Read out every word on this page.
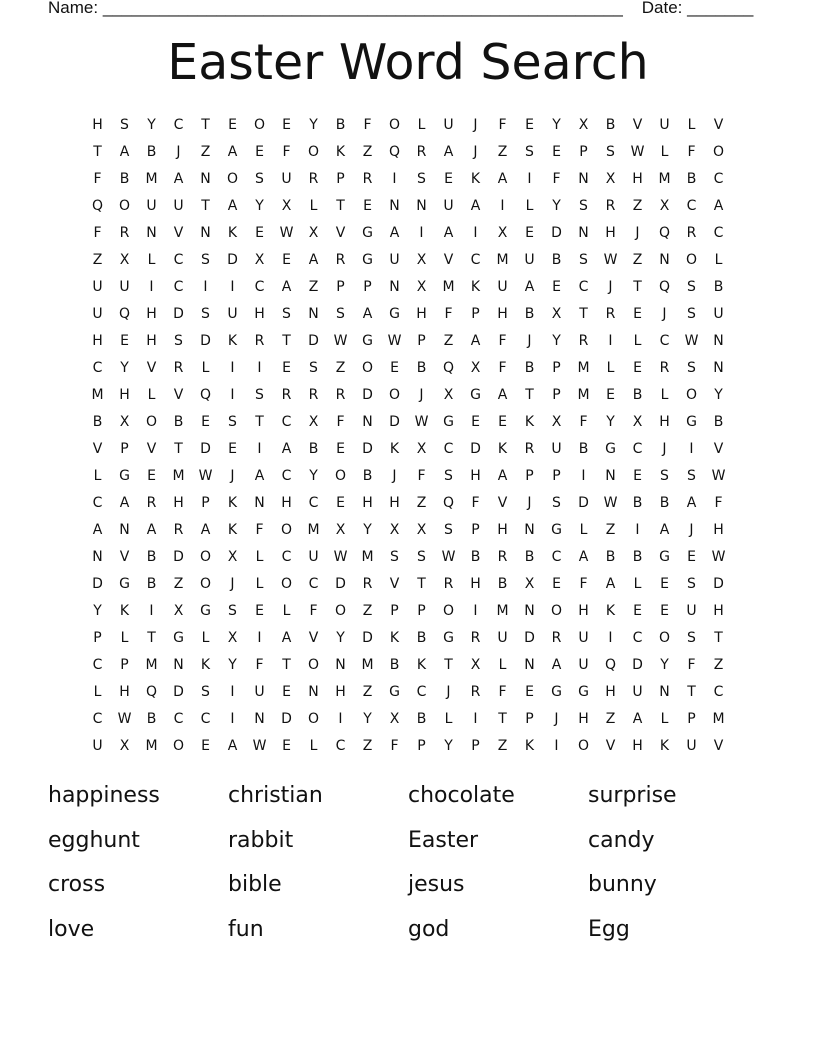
Name: _______________________________________________________ Date: _______
Easter Word Search
H	S	Y	C	T	E	O	E	Y	B	F	O	L	U	J	F	E	Y	X	B	V	U	L	V
T	A	B	J	Z	A	E	F	O	K	Z	Q	R	A	J	Z	S	E	P	S	W	L	F	O
F	B	M	A	N	O	S	U	R	P	R	I	S	E	K	A	I	F	N	X	H	M	B	C
Q	O	U	U	T	A	Y	X	L	T	E	N	N	U	A	I	L	Y	S	R	Z	X	C	A
F	R	N	V	N	K	E	W	X	V	G	A	I	A	I	X	E	D	N	H	J	Q	R	C
Z	X	L	C	S	D	X	E	A	R	G	U	X	V	C	M	U	B	S	W	Z	N	O	L
U	U	I	C	I	I	C	A	Z	P	P	N	X	M	K	U	A	E	C	J	T	Q	S	B
U	Q	H	D	S	U	H	S	N	S	A	G	H	F	P	H	B	X	T	R	E	J	S	U
H	E	H	S	D	K	R	T	D	W	G	W	P	Z	A	F	J	Y	R	I	L	C	W	N
C	Y	V	R	L	I	I	E	S	Z	O	E	B	Q	X	F	B	P	M	L	E	R	S	N
M	H	L	V	Q	I	S	R	R	R	D	O	J	X	G	A	T	P	M	E	B	L	O	Y
B	X	O	B	E	S	T	C	X	F	N	D	W	G	E	E	K	X	F	Y	X	H	G	B
V	P	V	T	D	E	I	A	B	E	D	K	X	C	D	K	R	U	B	G	C	J	I	V
L	G	E	M	W	J	A	C	Y	O	B	J	F	S	H	A	P	P	I	N	E	S	S	W
C	A	R	H	P	K	N	H	C	E	H	H	Z	Q	F	V	J	S	D	W	B	B	A	F
A	N	A	R	A	K	F	O	M	X	Y	X	X	S	P	H	N	G	L	Z	I	A	J	H
N	V	B	D	O	X	L	C	U	W	M	S	S	W	B	R	B	C	A	B	B	G	E	W
D	G	B	Z	O	J	L	O	C	D	R	V	T	R	H	B	X	E	F	A	L	E	S	D
Y	K	I	X	G	S	E	L	F	O	Z	P	P	O	I	M	N	O	H	K	E	E	U	H
P	L	T	G	L	X	I	A	V	Y	D	K	B	G	R	U	D	R	U	I	C	O	S	T
C	P	M	N	K	Y	F	T	O	N	M	B	K	T	X	L	N	A	U	Q	D	Y	F	Z
L	H	Q	D	S	I	U	E	N	H	Z	G	C	J	R	F	E	G	G	H	U	N	T	C
C	W	B	C	C	I	N	D	O	I	Y	X	B	L	I	T	P	J	H	Z	A	L	P	M
U	X	M	O	E	A	W	E	L	C	Z	F	P	Y	P	Z	K	I	O	V	H	K	U	V
happiness	christian	chocolate	surprise
egghunt	rabbit	Easter	candy
cross	bible	jesus	bunny
love	fun	god	Egg
